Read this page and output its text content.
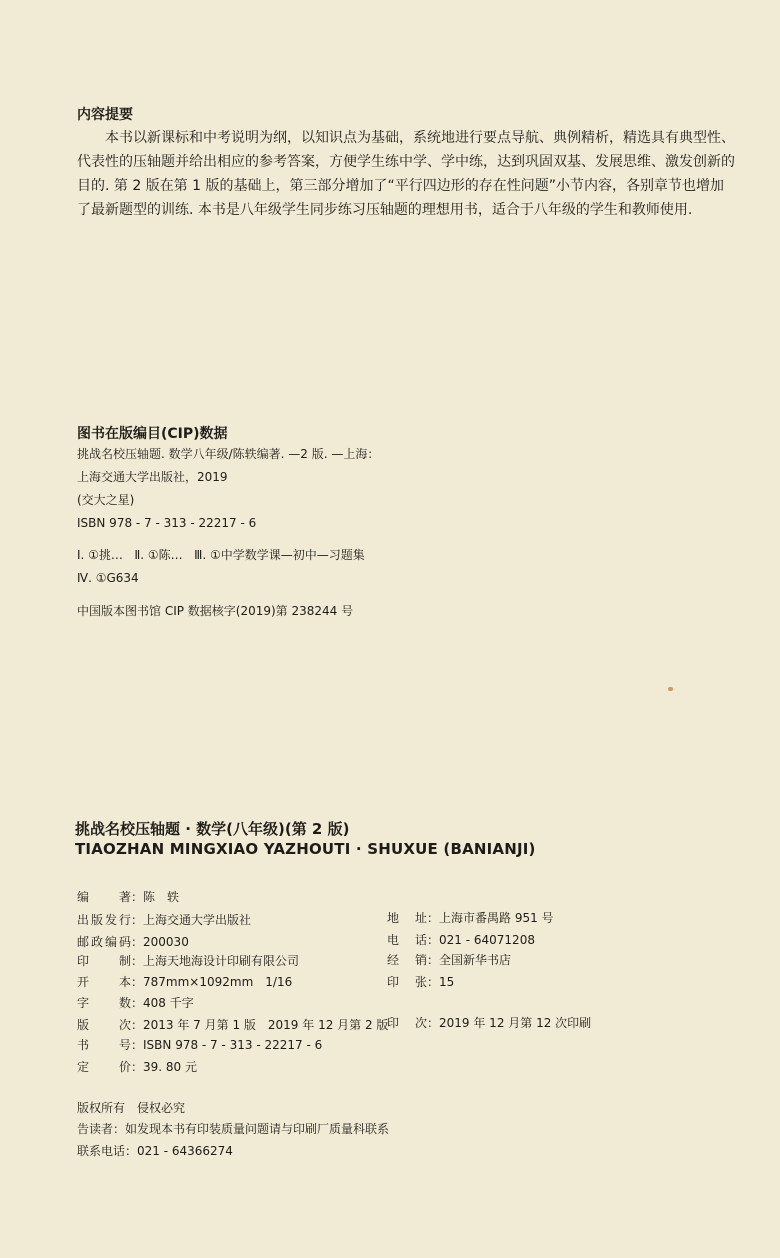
内容提要

本书以新课标和中考说明为纲，以知识点为基础，系统地进行要点导航、典例精析，精选具有典型性、

代表性的压轴题并给出相应的参考答案，方便学生练中学、学中练，达到巩固双基、发展思维、激发创新的

目的. 第 2 版在第 1 版的基础上，第三部分增加了“平行四边形的存在性问题”小节内容，各别章节也增加

了最新题型的训练. 本书是八年级学生同步练习压轴题的理想用书，适合于八年级的学生和教师使用.

图书在版编目(CIP)数据
挑战名校压轴题. 数学八年级/陈轶编著. —2 版. —上海：
上海交通大学出版社，2019
(交大之星)
ISBN 978 - 7 - 313 - 22217 - 6
Ⅰ. ①挑…   Ⅱ. ①陈…   Ⅲ. ①中学数学课—初中—习题集
Ⅳ. ①G634
中国版本图书馆 CIP 数据核字(2019)第 238244 号
挑战名校压轴题 · 数学(八年级)(第 2 版)
TIAOZHAN MINGXIAO YAZHOUTI · SHUXUE (BANIANJI)
编著：陈　轶
出版发行：上海交通大学出版社
邮政编码：200030
印制：上海天地海设计印刷有限公司
开本：787mm×1092mm　1/16
字数：408 千字
版次：2013 年 7 月第 1 版　2019 年 12 月第 2 版
书号：ISBN 978 - 7 - 313 - 22217 - 6
定价：39. 80 元
地址：上海市番禺路 951 号
电话：021 - 64071208
经销：全国新华书店
印张：15
印次：2019 年 12 月第 12 次印刷
版权所有　侵权必究
告读者：如发现本书有印装质量问题请与印刷厂质量科联系
联系电话：021 - 64366274
